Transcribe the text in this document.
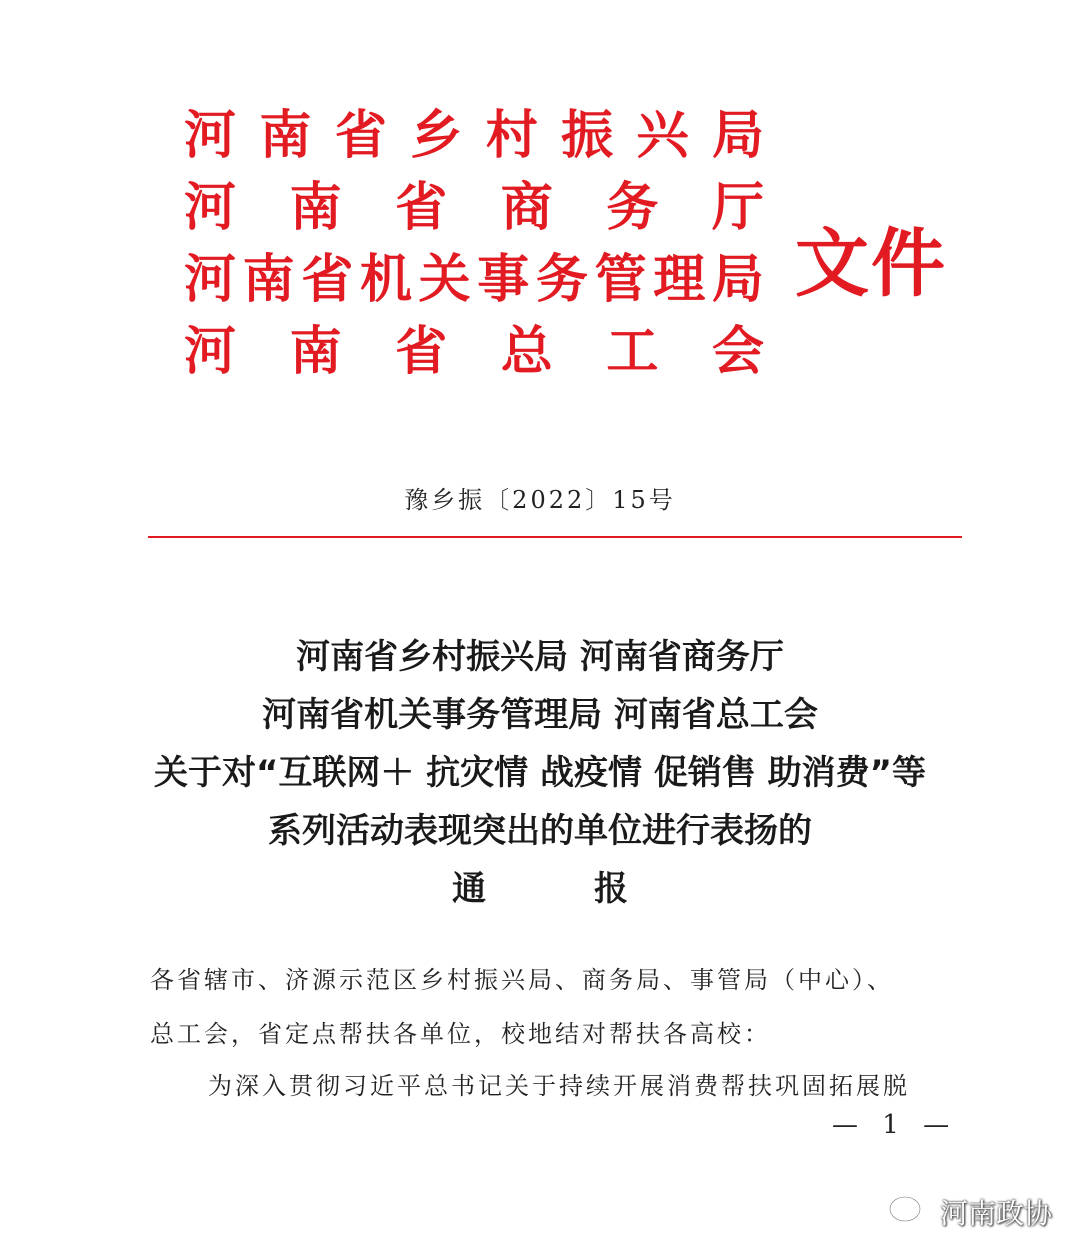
河 南 省 乡 村 振 兴 局
河 南 省 商 务 厅
河 南 省 机 关 事 务 管 理 局
河 南 省 总 工 会
文件
豫乡振〔2022〕15号
河南省乡村振兴局 河南省商务厅
河南省机关事务管理局 河南省总工会
关于对“互联网＋ 抗灾情 战疫情 促销售 助消费”等
系列活动表现突出的单位进行表扬的
通	报
各省辖市、济源示范区乡村振兴局、商务局、事管局（中心）、
总工会，省定点帮扶各单位，校地结对帮扶各高校：
为深入贯彻习近平总书记关于持续开展消费帮扶巩固拓展脱
— 1 —
河南政协
